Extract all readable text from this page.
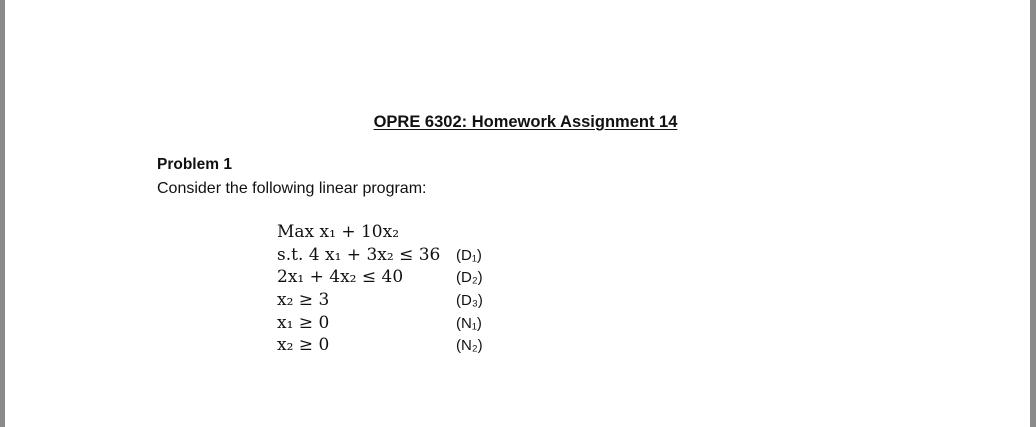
OPRE 6302: Homework Assignment 14
Problem 1
Consider the following linear program:
Max x₁ + 10x₂
s.t. 4 x₁ + 3x₂ ≤ 36 (D₁)
2x₁ + 4x₂ ≤ 40	(D₂)
x₂ ≥ 3	(D₃)
x₁ ≥ 0	(N₁)
x₂ ≥ 0	(N₂)
